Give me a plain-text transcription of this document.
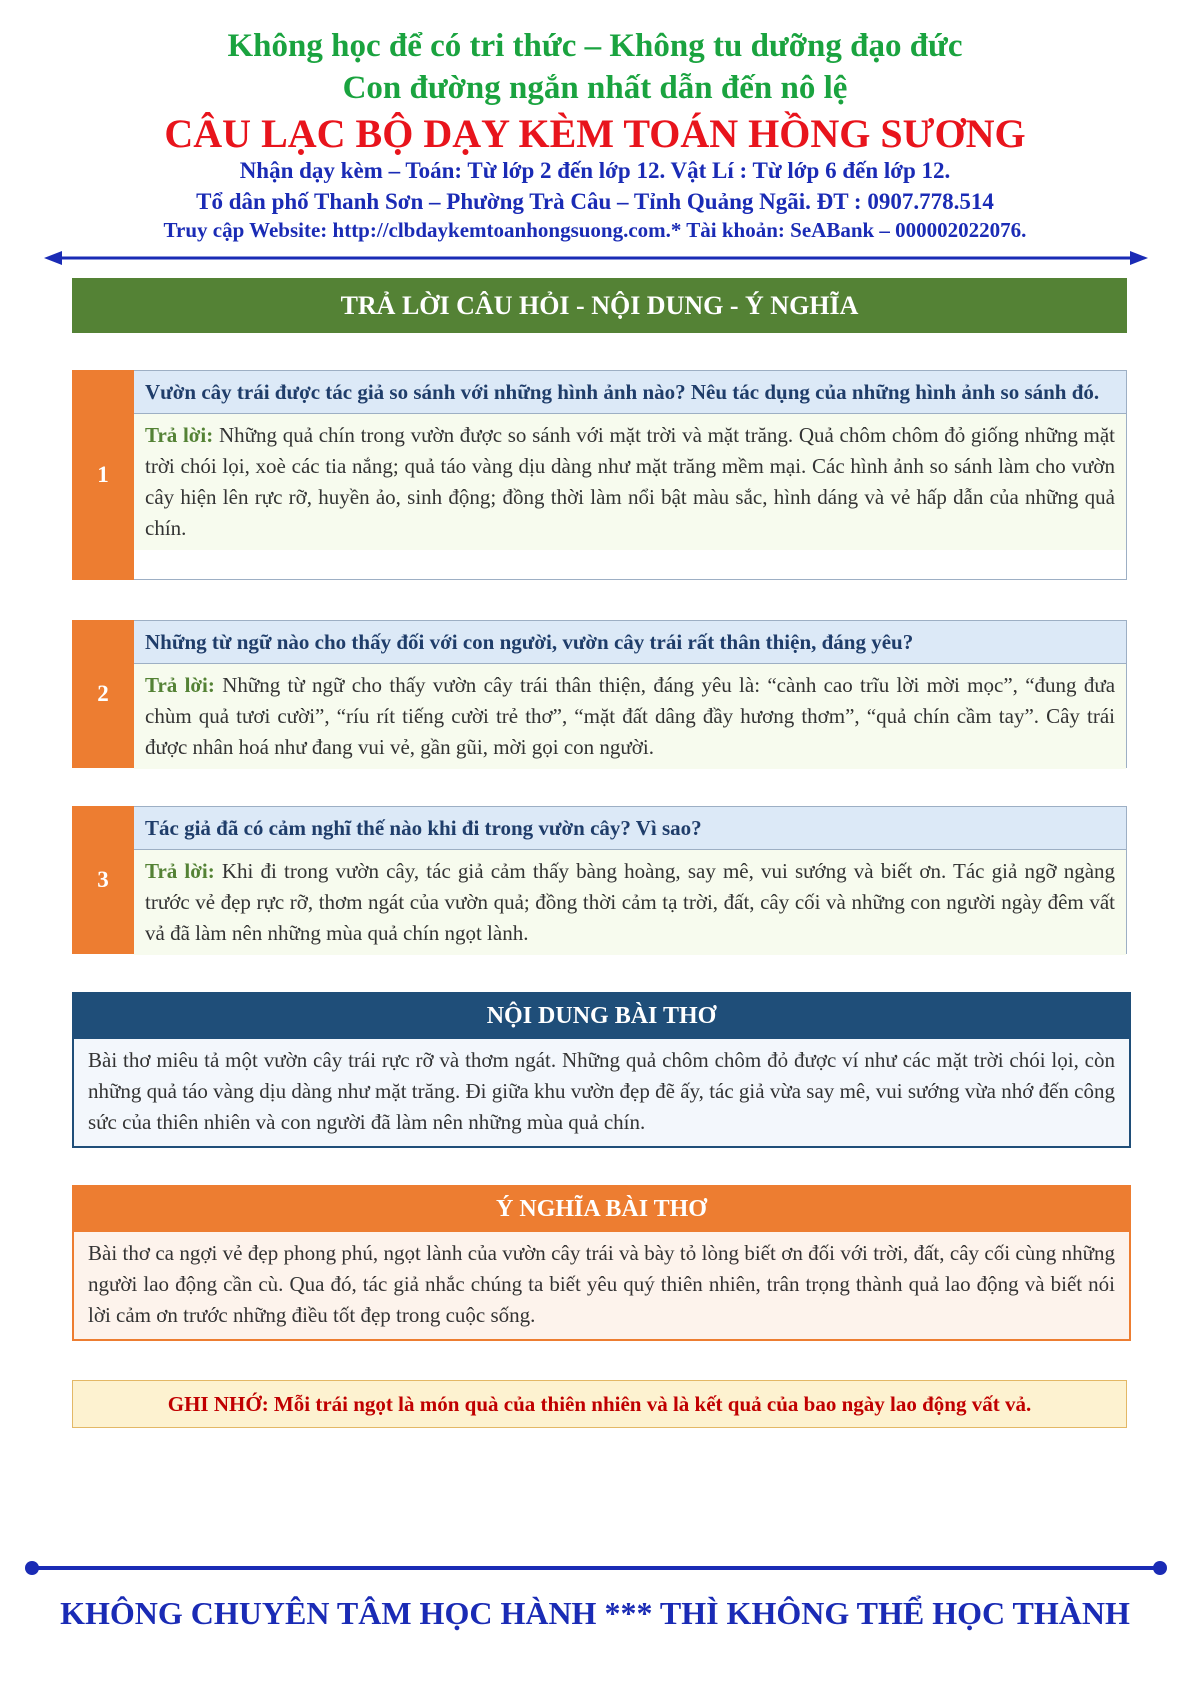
Không học để có tri thức – Không tu dưỡng đạo đức
Con đường ngắn nhất dẫn đến nô lệ
CÂU LẠC BỘ DẠY KÈM TOÁN HỒNG SƯƠNG
Nhận dạy kèm – Toán: Từ lớp 2 đến lớp 12. Vật Lí : Từ lớp 6 đến lớp 12.
Tổ dân phố Thanh Sơn – Phường Trà Câu – Tỉnh Quảng Ngãi. ĐT : 0907.778.514
Truy cập Website: http://clbdaykemtoanhongsuong.com.* Tài khoản: SeABank – 000002022076.
TRẢ LỜI CÂU HỎI - NỘI DUNG - Ý NGHĨA
1
Vườn cây trái được tác giả so sánh với những hình ảnh nào? Nêu tác dụng của những hình ảnh so sánh đó.
Trả lời: Những quả chín trong vườn được so sánh với mặt trời và mặt trăng. Quả chôm chôm đỏ giống những mặt trời chói lọi, xoè các tia nắng; quả táo vàng dịu dàng như mặt trăng mềm mại. Các hình ảnh so sánh làm cho vườn cây hiện lên rực rỡ, huyền ảo, sinh động; đồng thời làm nổi bật màu sắc, hình dáng và vẻ hấp dẫn của những quả chín.
2
Những từ ngữ nào cho thấy đối với con người, vườn cây trái rất thân thiện, đáng yêu?
Trả lời: Những từ ngữ cho thấy vườn cây trái thân thiện, đáng yêu là: “cành cao trĩu lời mời mọc”, “đung đưa chùm quả tươi cười”, “ríu rít tiếng cười trẻ thơ”, “mặt đất dâng đầy hương thơm”, “quả chín cầm tay”. Cây trái được nhân hoá như đang vui vẻ, gần gũi, mời gọi con người.
3
Tác giả đã có cảm nghĩ thế nào khi đi trong vườn cây? Vì sao?
Trả lời: Khi đi trong vườn cây, tác giả cảm thấy bàng hoàng, say mê, vui sướng và biết ơn. Tác giả ngỡ ngàng trước vẻ đẹp rực rỡ, thơm ngát của vườn quả; đồng thời cảm tạ trời, đất, cây cối và những con người ngày đêm vất vả đã làm nên những mùa quả chín ngọt lành.
NỘI DUNG BÀI THƠ
Bài thơ miêu tả một vườn cây trái rực rỡ và thơm ngát. Những quả chôm chôm đỏ được ví như các mặt trời chói lọi, còn những quả táo vàng dịu dàng như mặt trăng. Đi giữa khu vườn đẹp đẽ ấy, tác giả vừa say mê, vui sướng vừa nhớ đến công sức của thiên nhiên và con người đã làm nên những mùa quả chín.
Ý NGHĨA BÀI THƠ
Bài thơ ca ngợi vẻ đẹp phong phú, ngọt lành của vườn cây trái và bày tỏ lòng biết ơn đối với trời, đất, cây cối cùng những người lao động cần cù. Qua đó, tác giả nhắc chúng ta biết yêu quý thiên nhiên, trân trọng thành quả lao động và biết nói lời cảm ơn trước những điều tốt đẹp trong cuộc sống.
GHI NHỚ: Mỗi trái ngọt là món quà của thiên nhiên và là kết quả của bao ngày lao động vất vả.
KHÔNG CHUYÊN TÂM HỌC HÀNH *** THÌ KHÔNG THỂ HỌC THÀNH
